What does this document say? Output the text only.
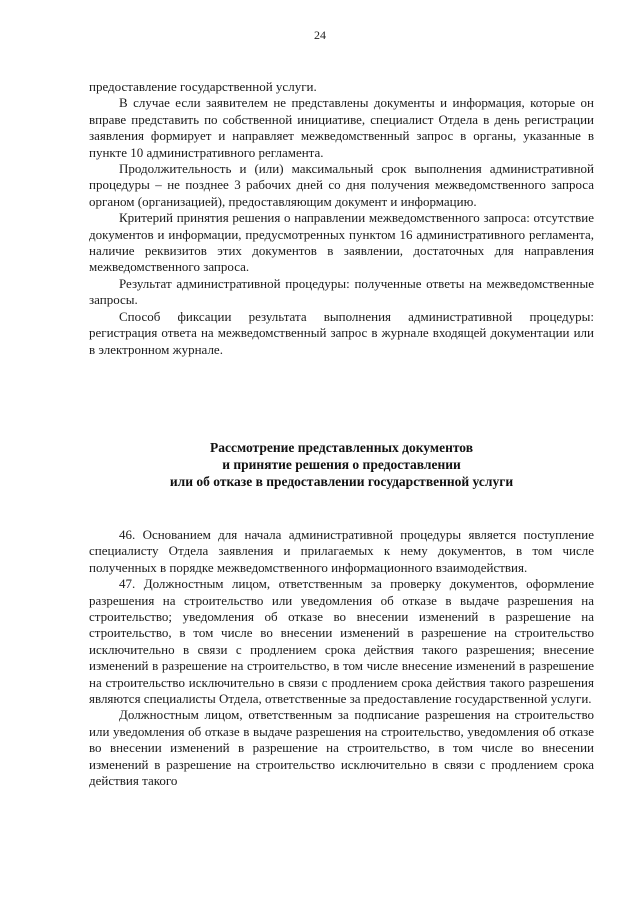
24

предоставление государственной услуги.

В случае если заявителем не представлены документы и информация, которые он вправе представить по собственной инициативе, специалист Отдела в день регистрации заявления формирует и направляет межведомственный запрос в органы, указанные в пункте 10 административного регламента.

Продолжительность и (или) максимальный срок выполнения административной процедуры – не позднее 3 рабочих дней со дня получения межведомственного запроса органом (организацией), предоставляющим документ и информацию.

Критерий принятия решения о направлении межведомственного запроса: отсутствие документов и информации, предусмотренных пунктом 16 административного регламента, наличие реквизитов этих документов в заявлении, достаточных для направления межведомственного запроса.

Результат административной процедуры: полученные ответы на межведомственные запросы.

Способ фиксации результата выполнения административной процедуры: регистрация ответа на межведомственный запрос в журнале входящей документации или в электронном журнале.

Рассмотрение представленных документов
и принятие решения о предоставлении
или об отказе в предоставлении государственной услуги

46. Основанием для начала административной процедуры является поступление специалисту Отдела заявления и прилагаемых к нему документов, в том числе полученных в порядке межведомственного информационного взаимодействия.

47. Должностным лицом, ответственным за проверку документов, оформление разрешения на строительство или уведомления об отказе в выдаче разрешения на строительство; уведомления об отказе во внесении изменений в разрешение на строительство, в том числе во внесении изменений в разрешение на строительство исключительно в связи с продлением срока действия такого разрешения; внесение изменений в разрешение на строительство, в том числе внесение изменений в разрешение на строительство исключительно в связи с продлением срока действия такого разрешения являются специалисты Отдела, ответственные за предоставление государственной услуги.

Должностным лицом, ответственным за подписание разрешения на строительство или уведомления об отказе в выдаче разрешения на строительство, уведомления об отказе во внесении изменений в разрешение на строительство, в том числе во внесении изменений в разрешение на строительство исключительно в связи с продлением срока действия такого
